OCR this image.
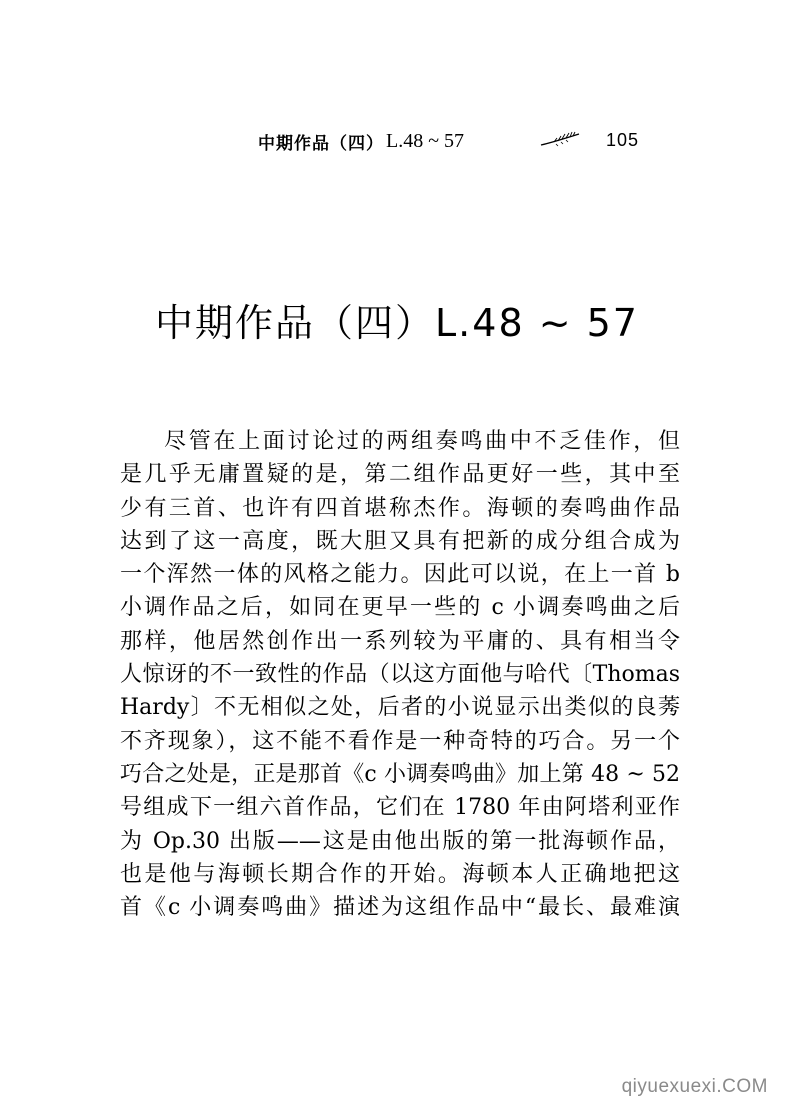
中期作品（四） L.48 ~ 57	105
中期作品（四）L.48 ~ 57
尽管在上面讨论过的两组奏鸣曲中不乏佳作，但
是几乎无庸置疑的是，第二组作品更好一些，其中至
少有三首、也许有四首堪称杰作。海顿的奏鸣曲作品
达到了这一高度，既大胆又具有把新的成分组合成为
一个浑然一体的风格之能力。因此可以说，在上一首 b
小调作品之后，如同在更早一些的 c 小调奏鸣曲之后
那样，他居然创作出一系列较为平庸的、具有相当令
人惊讶的不一致性的作品（以这方面他与哈代〔Thomas
Hardy〕不无相似之处，后者的小说显示出类似的良莠
不齐现象），这不能不看作是一种奇特的巧合。另一个
巧合之处是，正是那首《c 小调奏鸣曲》加上第 48 ~ 52
号组成下一组六首作品，它们在 1780 年由阿塔利亚作
为 Op.30 出版——这是由他出版的第一批海顿作品，
也是他与海顿长期合作的开始。海顿本人正确地把这
首《c 小调奏鸣曲》描述为这组作品中“最长、最难演
qiyuexuexi.COM
